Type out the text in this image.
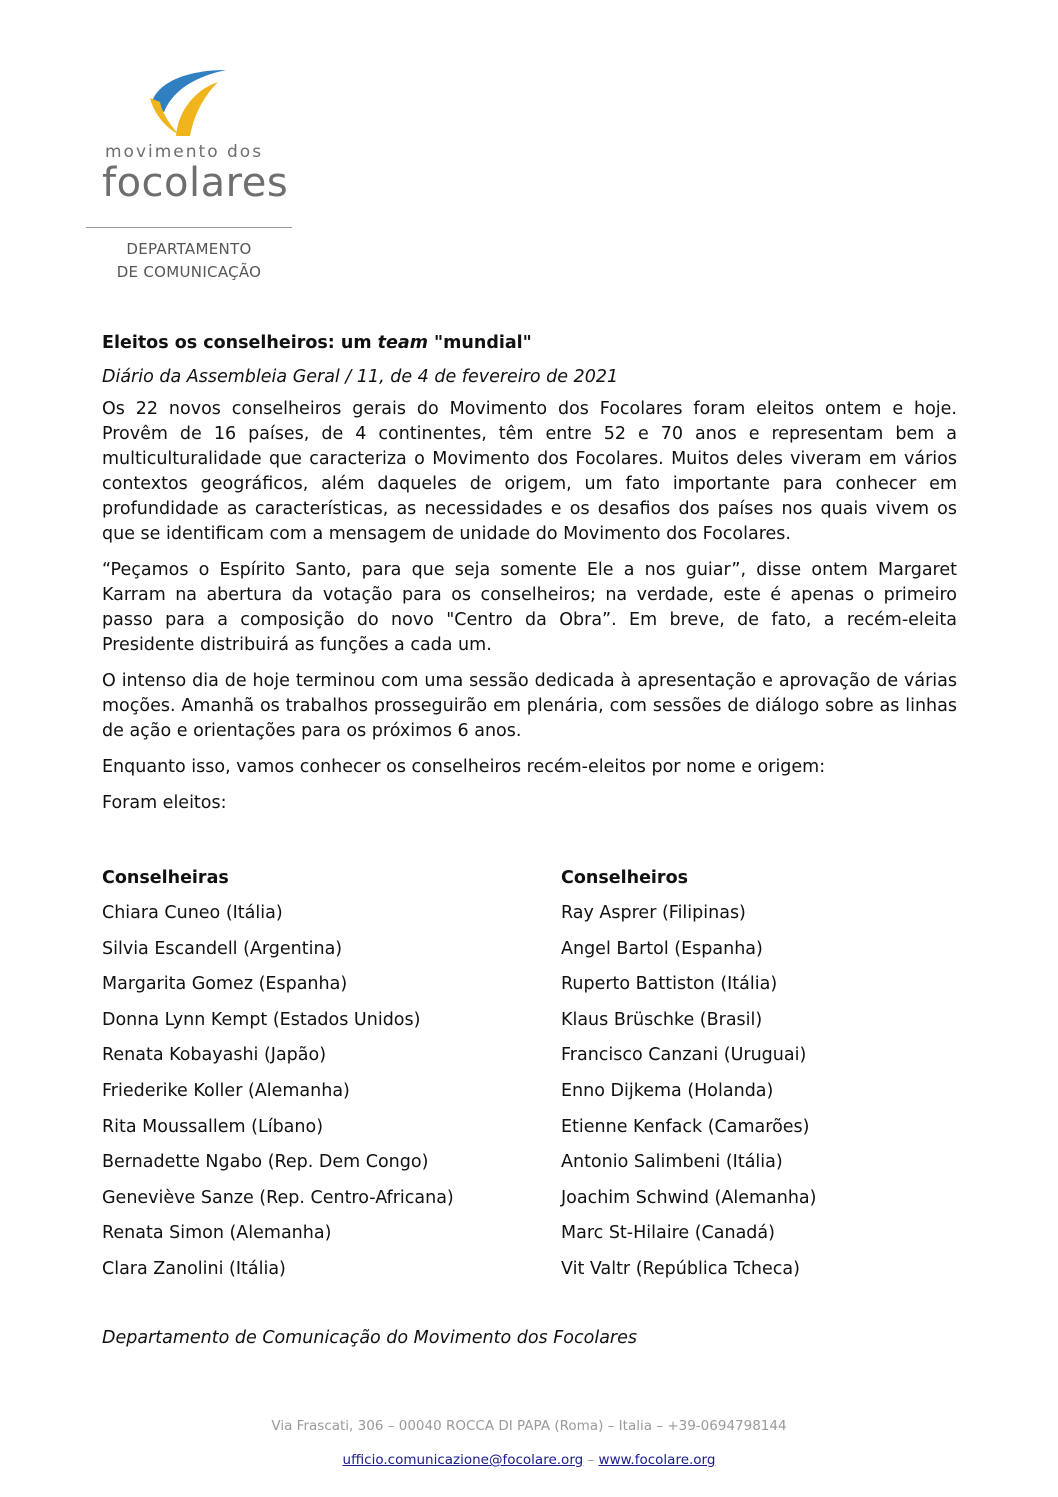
movimento dos
focolares
DEPARTAMENTO
DE COMUNICAÇÃO
Eleitos os conselheiros: um team "mundial"
Diário da Assembleia Geral / 11, de 4 de fevereiro de 2021

Os 22 novos conselheiros gerais do Movimento dos Focolares foram eleitos ontem e hoje. Provêm de 16 países, de 4 continentes, têm entre 52 e 70 anos e representam bem a multiculturalidade que caracteriza o Movimento dos Focolares. Muitos deles viveram em vários contextos geográficos, além daqueles de origem, um fato importante para conhecer em profundidade as características, as necessidades e os desafios dos países nos quais vivem os que se identificam com a mensagem de unidade do Movimento dos Focolares.

“Peçamos o Espírito Santo, para que seja somente Ele a nos guiar”, disse ontem Margaret Karram na abertura da votação para os conselheiros; na verdade, este é apenas o primeiro passo para a composição do novo "Centro da Obra”. Em breve, de fato, a recém-eleita Presidente distribuirá as funções a cada um.

O intenso dia de hoje terminou com uma sessão dedicada à apresentação e aprovação de várias moções. Amanhã os trabalhos prosseguirão em plenária, com sessões de diálogo sobre as linhas de ação e orientações para os próximos 6 anos.

Enquanto isso, vamos conhecer os conselheiros recém-eleitos por nome e origem:

Foram eleitos:

Conselheiras
Chiara Cuneo (Itália)
Silvia Escandell (Argentina)
Margarita Gomez (Espanha)
Donna Lynn Kempt (Estados Unidos)
Renata Kobayashi (Japão)
Friederike Koller (Alemanha)
Rita Moussallem (Líbano)
Bernadette Ngabo (Rep. Dem Congo)
Geneviève Sanze (Rep. Centro-Africana)
Renata Simon (Alemanha)
Clara Zanolini (Itália)
Conselheiros
Ray Asprer (Filipinas)
Angel Bartol (Espanha)
Ruperto Battiston (Itália)
Klaus Brüschke (Brasil)
Francisco Canzani (Uruguai)
Enno Dijkema (Holanda)
Etienne Kenfack (Camarões)
Antonio Salimbeni (Itália)
Joachim Schwind (Alemanha)
Marc St-Hilaire (Canadá)
Vit Valtr (República Tcheca)
Departamento de Comunicação do Movimento dos Focolares
Via Frascati, 306 – 00040 ROCCA DI PAPA (Roma) – Italia – +39-0694798144
ufficio.comunicazione@focolare.org – www.focolare.org
